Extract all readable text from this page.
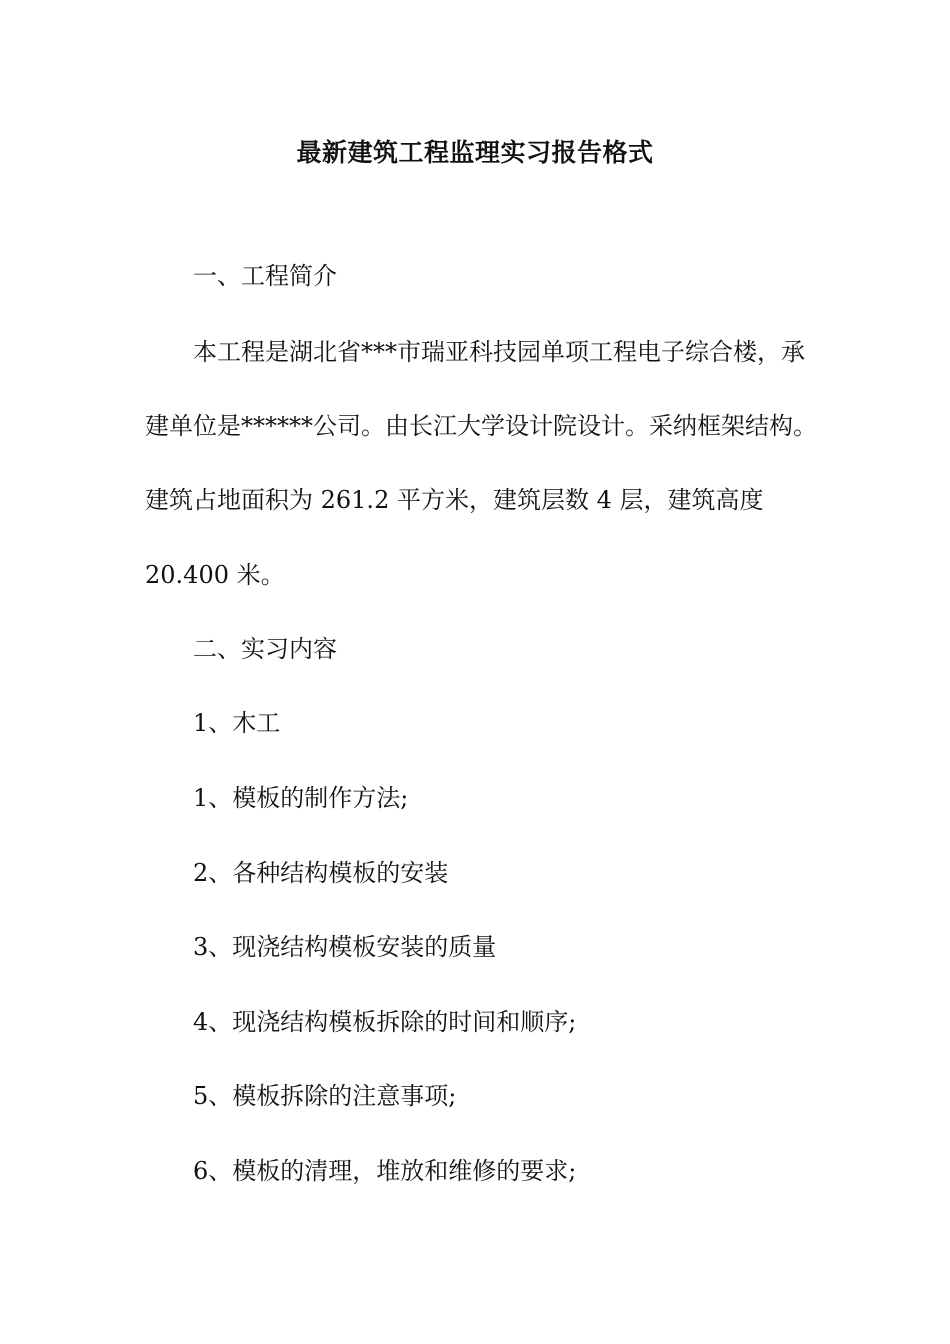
最新建筑工程监理实习报告格式
一、工程简介
本工程是湖北省***市瑞亚科技园单项工程电子综合楼，承
建单位是******公司。由长江大学设计院设计。采纳框架结构。
建筑占地面积为 261.2 平方米，建筑层数 4 层，建筑高度
20.400 米。
二、实习内容
1、木工
1、模板的制作方法;
2、各种结构模板的安装
3、现浇结构模板安装的质量
4、现浇结构模板拆除的时间和顺序;
5、模板拆除的注意事项;
6、模板的清理，堆放和维修的要求;
